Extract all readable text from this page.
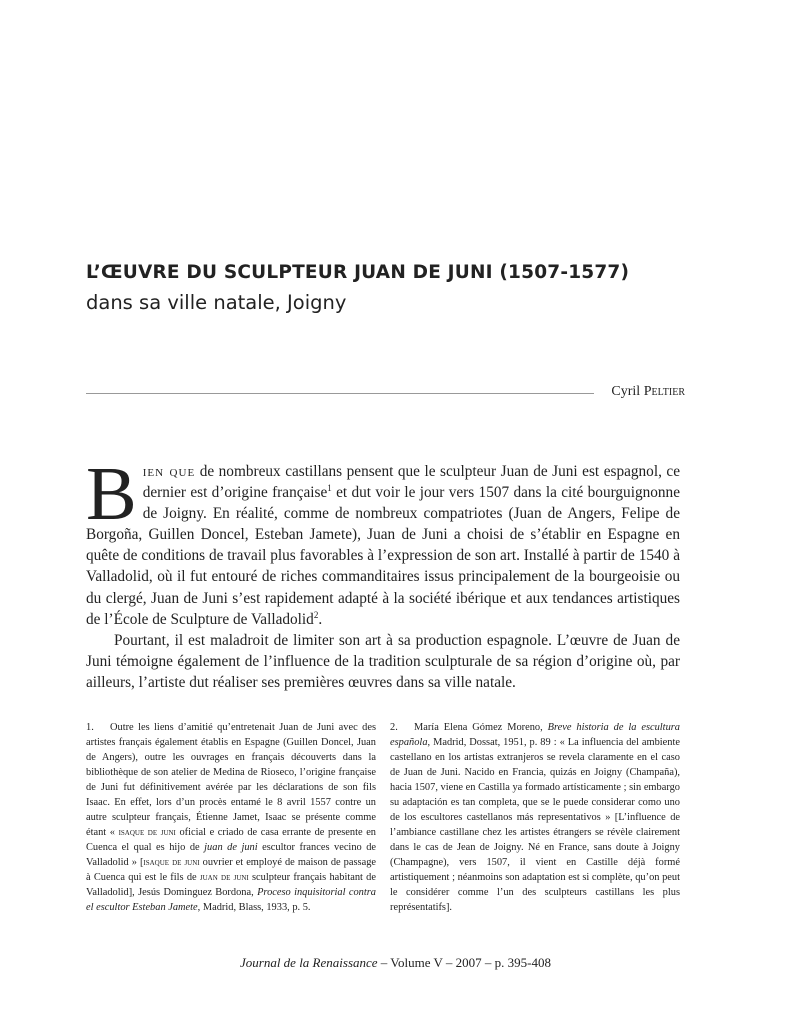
L’ŒUVRE DU SCULPTEUR JUAN DE JUNI (1507-1577)
dans sa ville natale, Joigny
Cyril Peltier

Bien que de nombreux castillans pensent que le sculpteur Juan de Juni est espagnol, ce dernier est d’origine française$^1$ et dut voir le jour vers 1507 dans la cité bourguignonne de Joigny. En réalité, comme de nombreux compatriotes (Juan de Angers, Felipe de Borgoña, Guillen Doncel, Esteban Jamete), Juan de Juni a choisi de s’établir en Espagne en quête de conditions de travail plus favorables à l’expression de son art. Installé à partir de 1540 à Valladolid, où il fut entouré de riches commanditaires issus principalement de la bourgeoisie ou du clergé, Juan de Juni s’est rapidement adapté à la société ibérique et aux tendances artistiques de l’École de Sculpture de Valladolid$^2$.

Pourtant, il est maladroit de limiter son art à sa production espagnole. L’œuvre de Juan de Juni témoigne également de l’influence de la tradition sculpturale de sa région d’origine où, par ailleurs, l’artiste dut réaliser ses premières œuvres dans sa ville natale.

1. Outre les liens d’amitié qu’entretenait Juan de Juni avec des artistes français également établis en Espagne (Guillen Doncel, Juan de Angers), outre les ouvrages en français découverts dans la bibliothèque de son atelier de Medina de Rioseco, l’origine française de Juni fut définitivement avérée par les déclarations de son fils Isaac. En effet, lors d’un procès entamé le 8 avril 1557 contre un autre sculpteur français, Étienne Jamet, Isaac se présente comme étant « isaque de juni oficial e criado de casa errante de presente en Cuenca el qual es hijo de juan de juni escultor frances vecino de Valladolid » [isaque de juni ouvrier et employé de maison de passage à Cuenca qui est le fils de juan de juni sculpteur français habitant de Valladolid], Jesús Dominguez Bordona, Proceso inquisitorial contra el escultor Esteban Jamete, Madrid, Blass, 1933, p. 5.
2. María Elena Gómez Moreno, Breve historia de la escultura española, Madrid, Dossat, 1951, p. 89 : « La influencia del ambiente castellano en los artistas extranjeros se revela claramente en el caso de Juan de Juni. Nacido en Francia, quizás en Joigny (Champaña), hacia 1507, viene en Castilla ya formado artísticamente ; sin embargo su adaptación es tan completa, que se le puede considerar como uno de los escultores castellanos más representativos » [L’influence de l’ambiance castillane chez les artistes étrangers se révèle clairement dans le cas de Jean de Joigny. Né en France, sans doute à Joigny (Champagne), vers 1507, il vient en Castille déjà formé artistiquement ; néanmoins son adaptation est si complète, qu’on peut le considérer comme l’un des sculpteurs castillans les plus représentatifs].
Journal de la Renaissance – Volume V – 2007 – p. 395-408
